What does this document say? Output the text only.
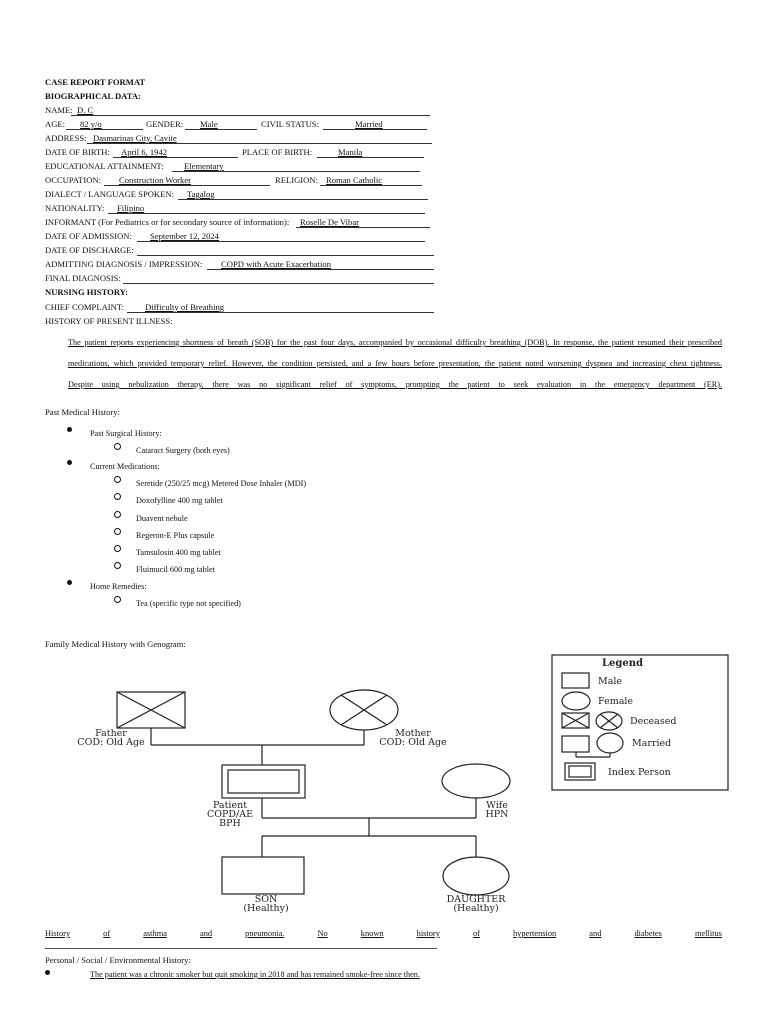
CASE REPORT FORMAT
BIOGRAPHICAL DATA:
NAME: D. C
AGE: 82 y/o	GENDER: Male	CIVIL STATUS:	Married
ADDRESS: Dasmarinas City, Cavite
DATE OF BIRTH: April 6, 1942	PLACE OF BIRTH:	Manila
EDUCATIONAL ATTAINMENT: Elementary
OCCUPATION: Construction Worker	RELIGION: Roman Catholic
DIALECT / LANGUAGE SPOKEN: Tagalog
NATIONALITY: Filipino
INFORMANT (For Pediatrics or for secondary source of information): Roselle De Vibar
DATE OF ADMISSION: September 12, 2024
DATE OF DISCHARGE:
ADMITTING DIAGNOSIS / IMPRESSION: COPD with Acute Exacerbation
FINAL DIAGNOSIS:
NURSING HISTORY:
CHIEF COMPLAINT: Difficulty of Breathing
HISTORY OF PRESENT ILLNESS:
The patient reports experiencing shortness of breath (SOB) for the past four days, accompanied by occasional difficulty breathing (DOB). In response, the patient resumed their prescribed
medications, which provided temporary relief. However, the condition persisted, and a few hours before presentation, the patient noted worsening dyspnea and increasing chest tightness.
Despite using nebulization therapy, there was no significant relief of symptoms, prompting the patient to seek evaluation in the emergency department (ER).
Past Medical History:
Past Surgical History:
Cataract Surgery (both eyes)
Current Medications:
Seretide (250/25 mcg) Metered Dose Inhaler (MDI)
Doxofylline 400 mg tablet
Duavent nebule
Regeron-E Plus capsule
Tamsulosin 400 mg tablet
Fluimucil 600 mg tablet
Home Remedies:
Tea (specific type not specified)
Family Medical History with Genogram:
Legend
Male
Female
Deceased
Married
Index Person
Father
COD: Old Age
Mother
COD: Old Age
Patient
COPD/AE
BPH
Wife
HPN
SON
(Healthy)
DAUGHTER
(Healthy)
History	of	asthma	and	pneumonia.	No	known	history	of	hypertension	and	diabetes	mellitus
Personal / Social / Environmental History:
The patient was a chronic smoker but quit smoking in 2018 and has remained smoke-free since then.
